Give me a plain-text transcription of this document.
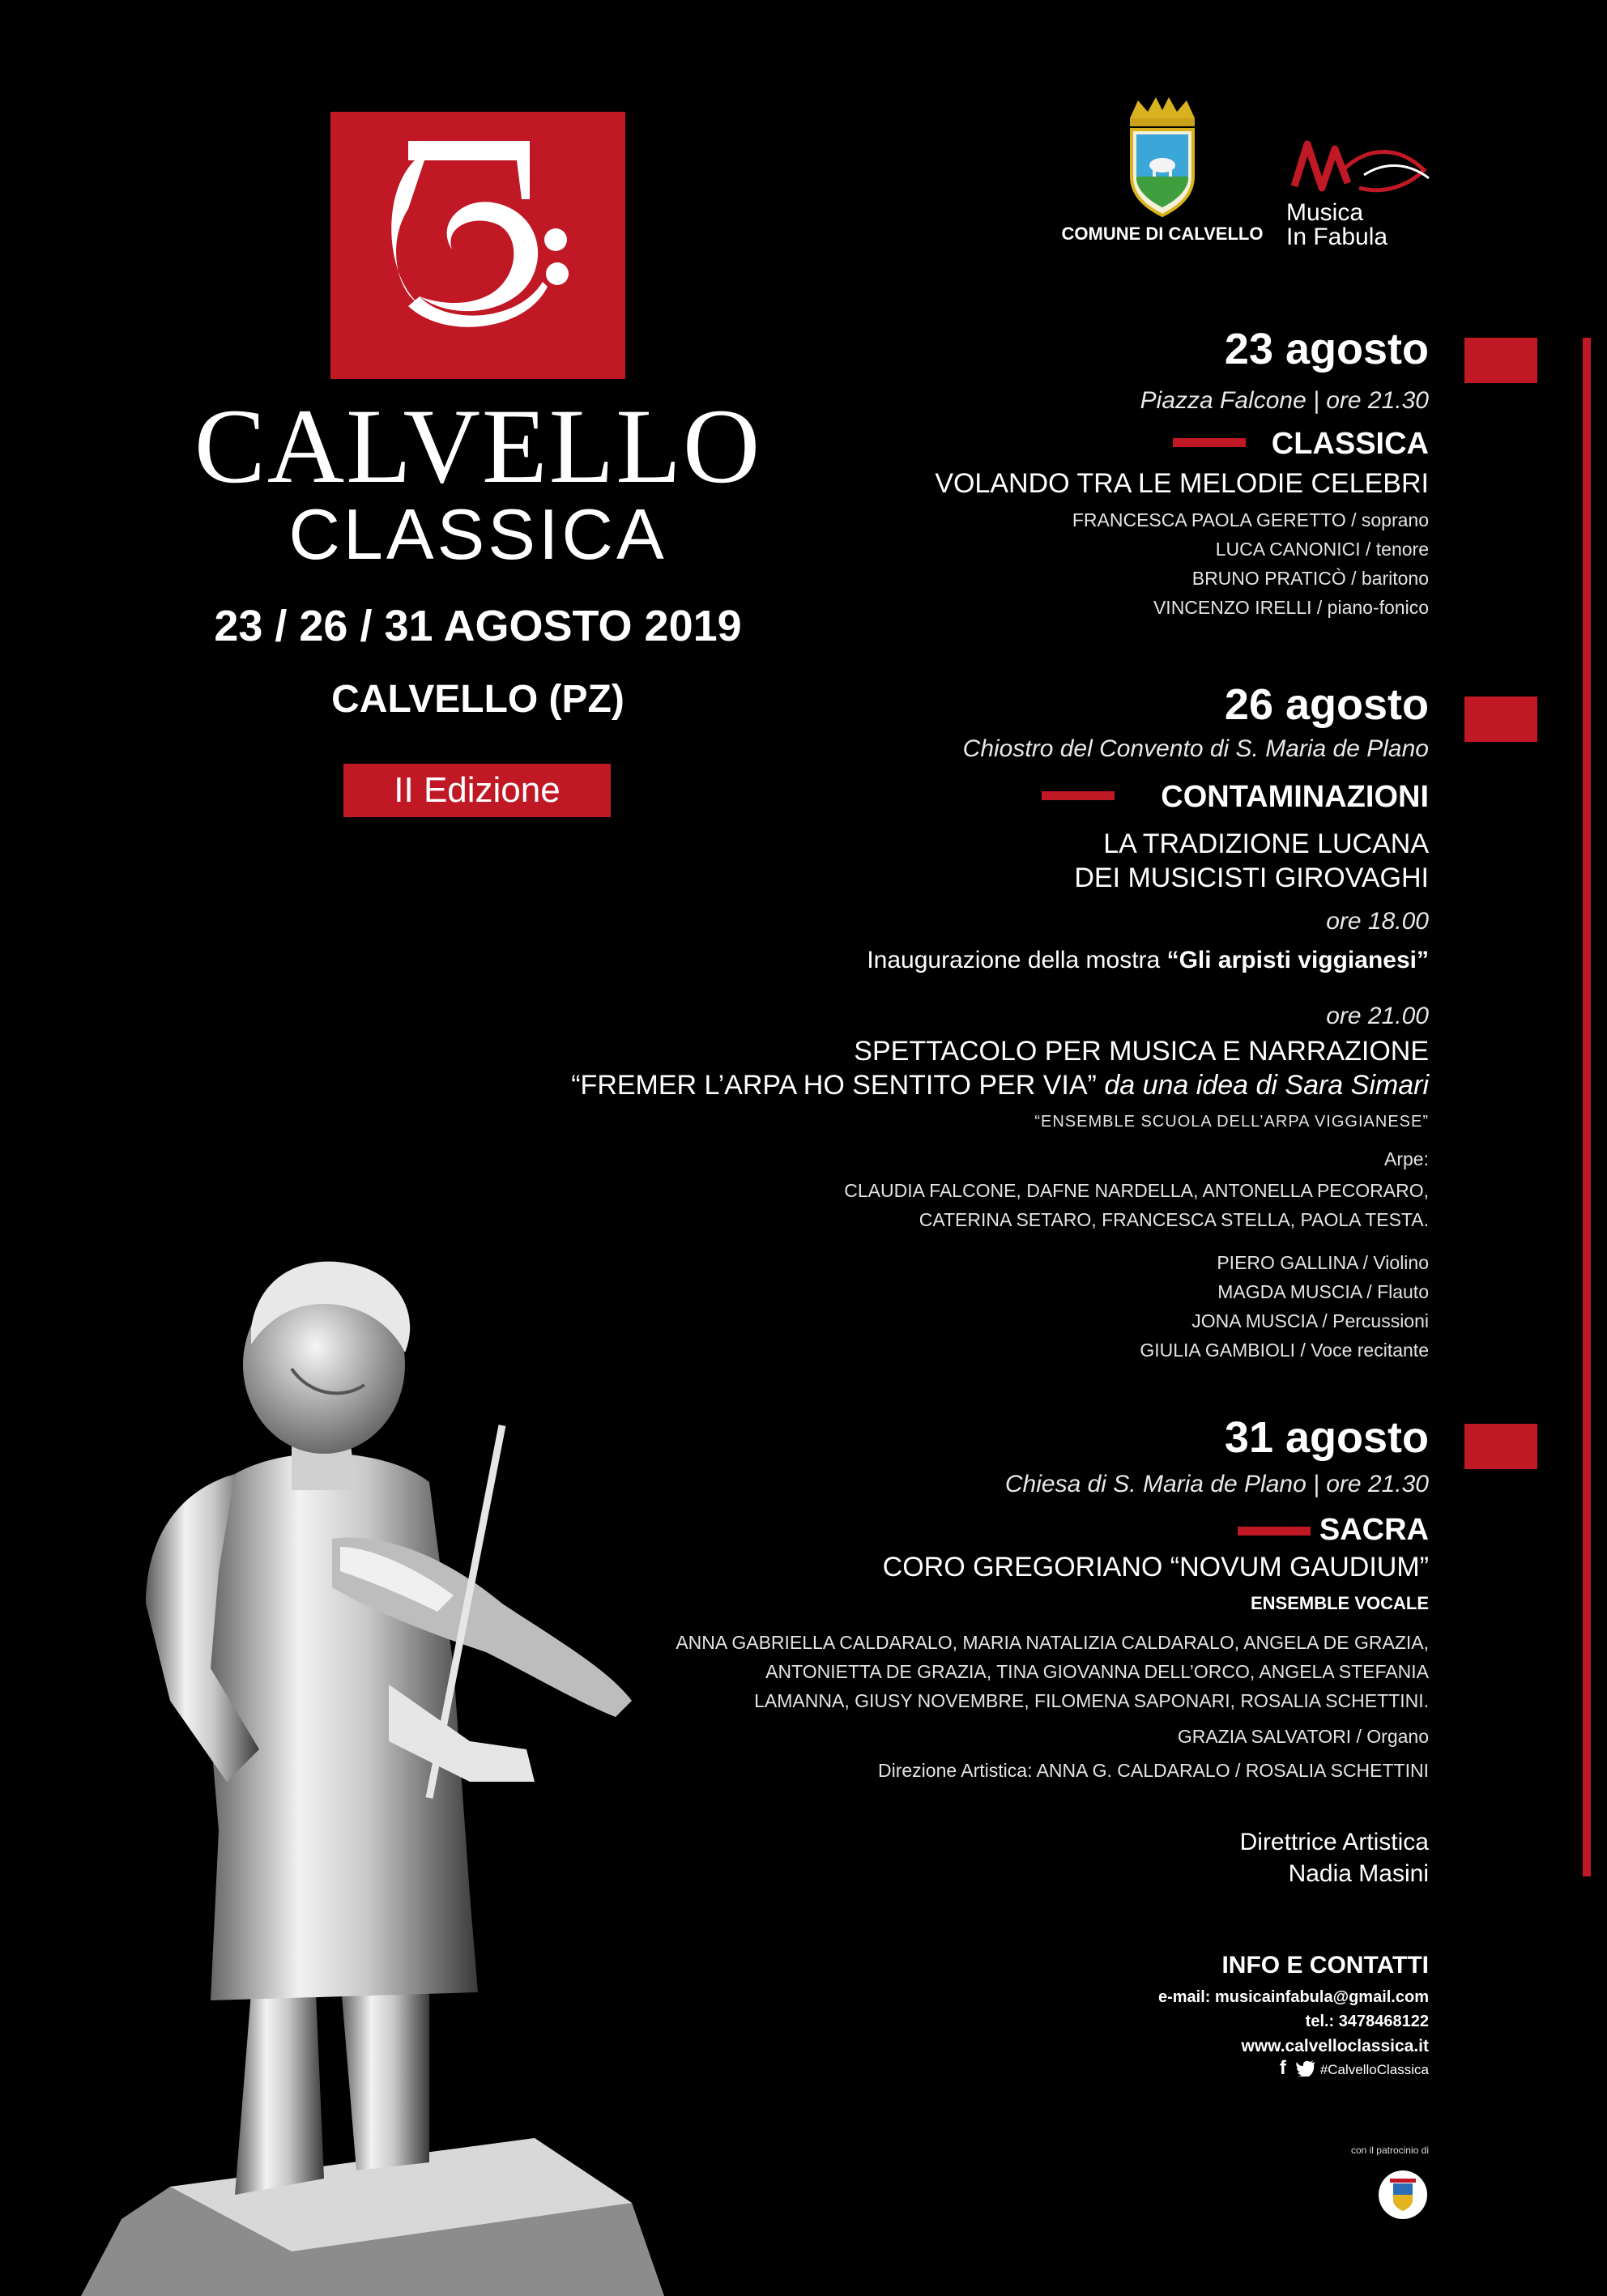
CALVELLO
CLASSICA
23 / 26 / 31 AGOSTO 2019
CALVELLO (PZ)
II Edizione
COMUNE DI CALVELLO
Musica
In Fabula
23 agosto
Piazza Falcone | ore 21.30
CLASSICA
VOLANDO TRA LE MELODIE CELEBRI
FRANCESCA PAOLA GERETTO / soprano
LUCA CANONICI / tenore
BRUNO PRATICÒ / baritono
VINCENZO IRELLI / piano-fonico
26 agosto
Chiostro del Convento di S. Maria de Plano
CONTAMINAZIONI
LA TRADIZIONE LUCANA
DEI MUSICISTI GIROVAGHI
ore 18.00
Inaugurazione della mostra “Gli arpisti viggianesi”
ore 21.00
SPETTACOLO PER MUSICA E NARRAZIONE
“FREMER L’ARPA HO SENTITO PER VIA” da una idea di Sara Simari
“ENSEMBLE SCUOLA DELL’ARPA VIGGIANESE”
Arpe:
CLAUDIA FALCONE, DAFNE NARDELLA, ANTONELLA PECORARO,
CATERINA SETARO, FRANCESCA STELLA, PAOLA TESTA.
PIERO GALLINA / Violino
MAGDA MUSCIA / Flauto
JONA MUSCIA / Percussioni
GIULIA GAMBIOLI / Voce recitante
31 agosto
Chiesa di S. Maria de Plano | ore 21.30
SACRA
CORO GREGORIANO “NOVUM GAUDIUM”
ENSEMBLE VOCALE
ANNA GABRIELLA CALDARALO, MARIA NATALIZIA CALDARALO, ANGELA DE GRAZIA,
ANTONIETTA DE GRAZIA, TINA GIOVANNA DELL’ORCO, ANGELA STEFANIA
LAMANNA, GIUSY NOVEMBRE, FILOMENA SAPONARI, ROSALIA SCHETTINI.
GRAZIA SALVATORI / Organo
Direzione Artistica: ANNA G. CALDARALO / ROSALIA SCHETTINI
Direttrice Artistica
Nadia Masini
INFO E CONTATTI
e-mail: musicainfabula@gmail.com
tel.: 3478468122
www.calvelloclassica.it
f #CalvelloClassica
con il patrocinio di
